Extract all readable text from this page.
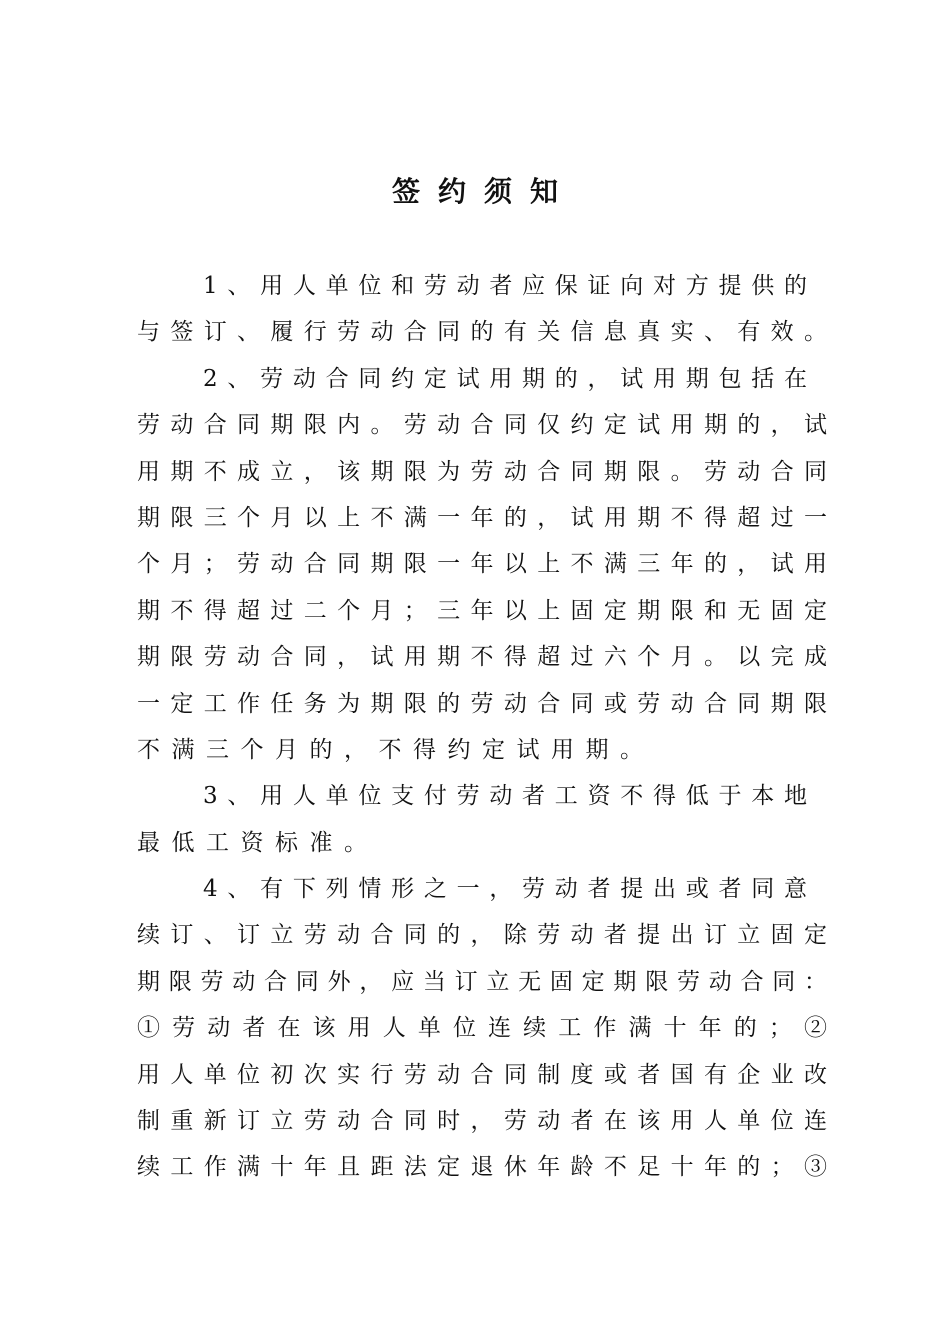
签约须知
1、用人单位和劳动者应保证向对方提供的
与签订、履行劳动合同的有关信息真实、有效。
2、劳动合同约定试用期的，试用期包括在
劳动合同期限内。劳动合同仅约定试用期的，试
用期不成立，该期限为劳动合同期限。劳动合同
期限三个月以上不满一年的，试用期不得超过一
个月；劳动合同期限一年以上不满三年的，试用
期不得超过二个月；三年以上固定期限和无固定
期限劳动合同，试用期不得超过六个月。以完成
一定工作任务为期限的劳动合同或劳动合同期限
不满三个月的，不得约定试用期。
3、用人单位支付劳动者工资不得低于本地
最低工资标准。
4、有下列情形之一，劳动者提出或者同意
续订、订立劳动合同的，除劳动者提出订立固定
期限劳动合同外，应当订立无固定期限劳动合同：
①劳动者在该用人单位连续工作满十年的；②
用人单位初次实行劳动合同制度或者国有企业改
制重新订立劳动合同时，劳动者在该用人单位连
续工作满十年且距法定退休年龄不足十年的；③
